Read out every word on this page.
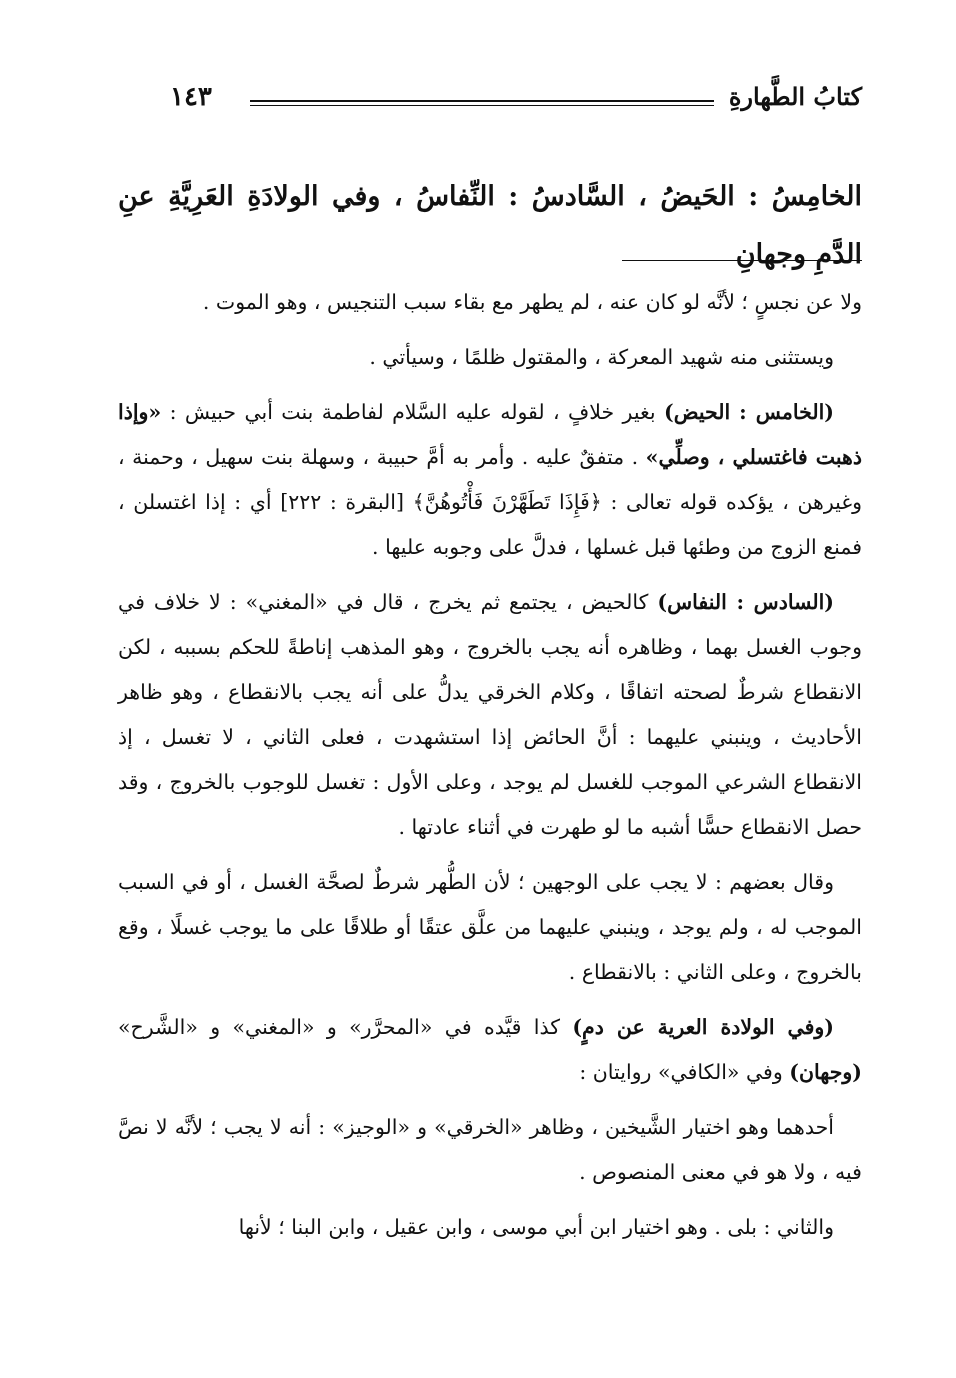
كتابُ الطَّهارةِ
١٤٣
الخامِسُ : الحَيضُ ، السَّادسُ : النِّفاسُ ، وفي الولادَةِ العَرِيَّةِ عنِ الدَّمِ وجهانِ

ولا عن نجسٍ ؛ لأنَّه لو كان عنه ، لم يطهر مع بقاء سبب التنجيس ، وهو الموت .

ويستثنى منه شهيد المعركة ، والمقتول ظلمًا ، وسيأتي .

(الخامس : الحيض) بغير خلافٍ ، لقوله عليه السَّلام لفاطمة بنت أبي حبيش : «وإذا ذهبت فاغتسلي ، وصلِّي» . متفقٌ عليه . وأمر به أمَّ حبيبة ، وسهلة بنت سهيل ، وحمنة ، وغيرهن ، يؤكده قوله تعالى : ﴿فَإِذَا تَطَهَّرْنَ فَأْتُوهُنَّ﴾ [البقرة : ٢٢٢] أي : إذا اغتسلن ، فمنع الزوج من وطئها قبل غسلها ، فدلَّ على وجوبه عليها .

(السادس : النفاس) كالحيض ، يجتمع ثم يخرج ، قال في «المغني» : لا خلاف في وجوب الغسل بهما ، وظاهره أنه يجب بالخروج ، وهو المذهب إناطةً للحكم بسببه ، لكن الانقطاع شرطٌ لصحته اتفاقًا ، وكلام الخرقي يدلُّ على أنه يجب بالانقطاع ، وهو ظاهر الأحاديث ، وينبني عليهما : أنَّ الحائض إذا استشهدت ، فعلى الثاني ، لا تغسل ، إذ الانقطاع الشرعي الموجب للغسل لم يوجد ، وعلى الأول : تغسل للوجوب بالخروج ، وقد حصل الانقطاع حسًّا أشبه ما لو طهرت في أثناء عادتها .

وقال بعضهم : لا يجب على الوجهين ؛ لأن الطُّهر شرطٌ لصحَّة الغسل ، أو في السبب الموجب له ، ولم يوجد ، وينبني عليهما من علَّق عتقًا أو طلاقًا على ما يوجب غسلًا ، وقع بالخروج ، وعلى الثاني : بالانقطاع .

(وفي الولادة العرية عن دمٍ) كذا قيَّده في «المحرَّر» و «المغني» و «الشَّرح» (وجهان) وفي «الكافي» روايتان :

أحدهما وهو اختيار الشَّيخين ، وظاهر «الخرقي» و «الوجيز» : أنه لا يجب ؛ لأنَّه لا نصَّ فيه ، ولا هو في معنى المنصوص .

والثاني : بلى . وهو اختيار ابن أبي موسى ، وابن عقيل ، وابن البنا ؛ لأنها
